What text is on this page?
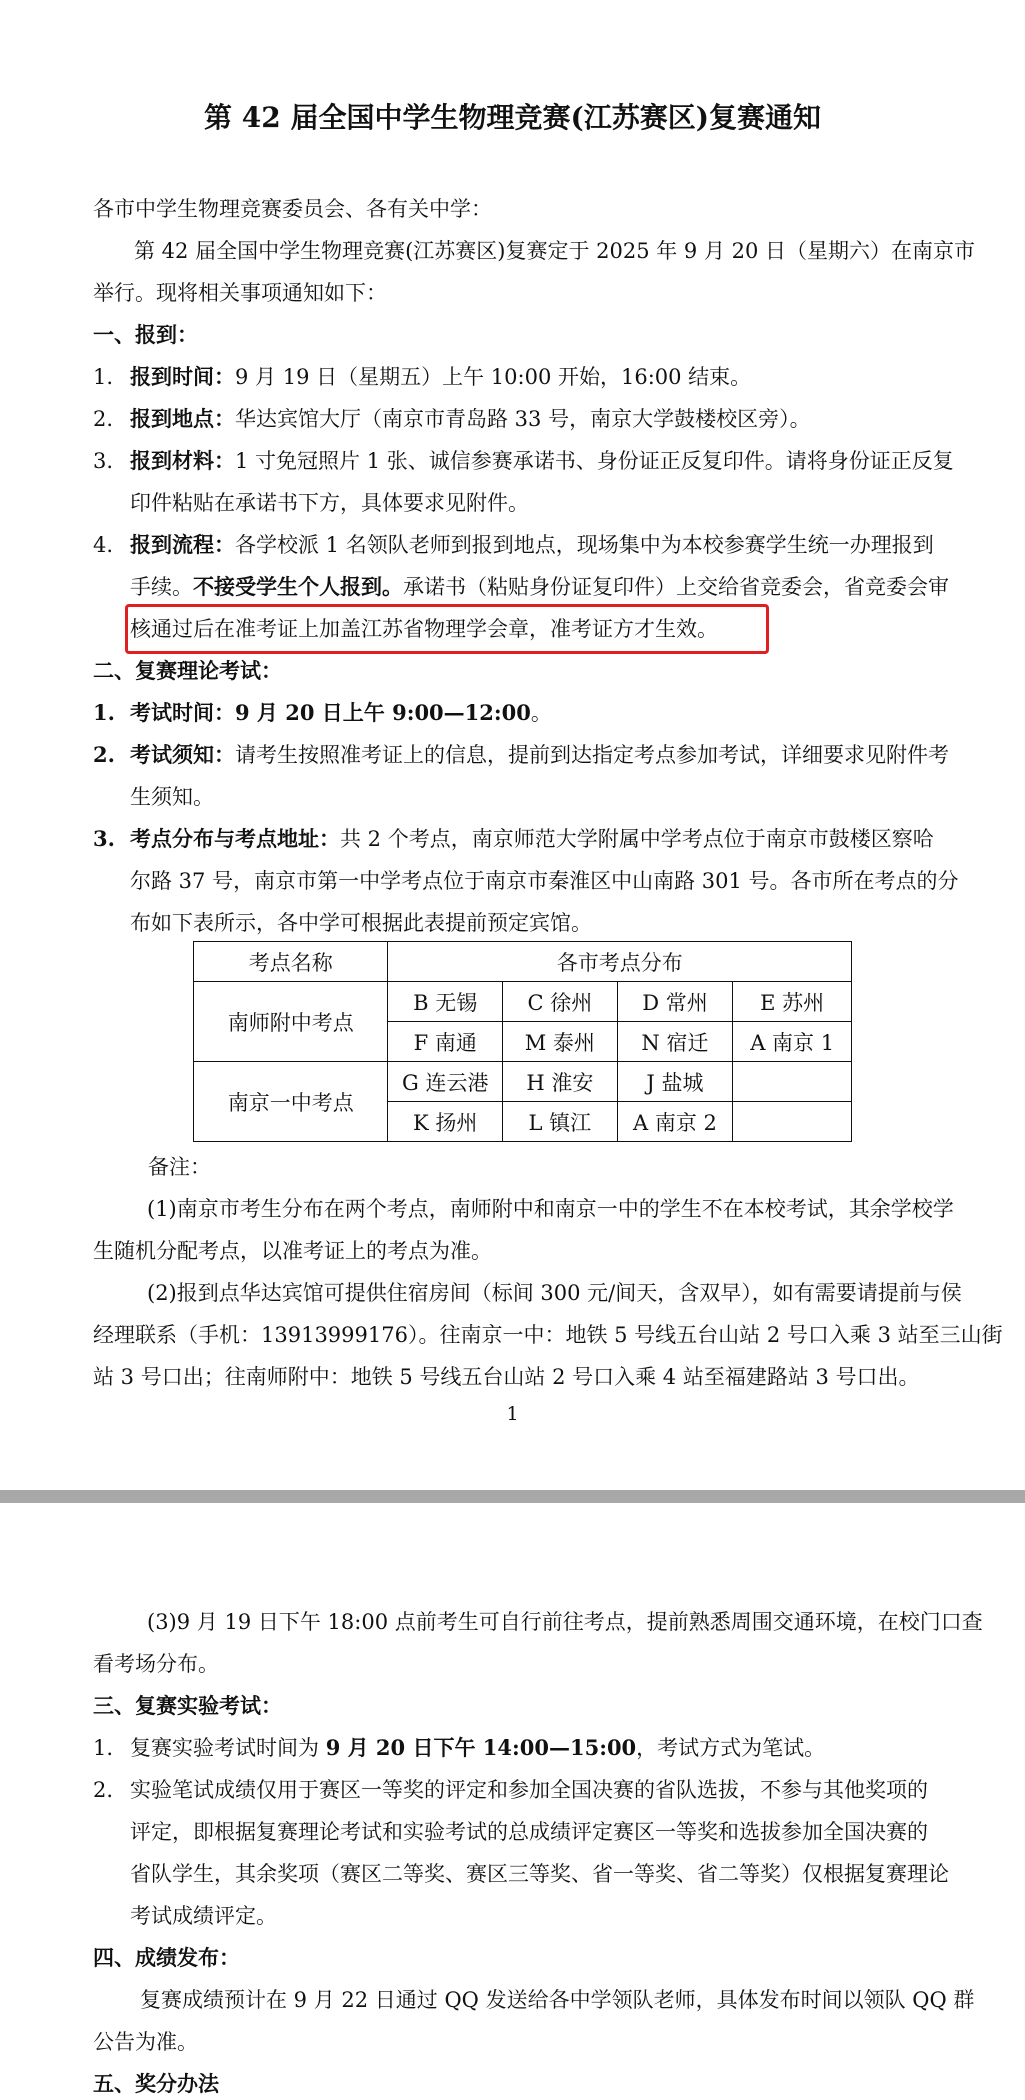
第 42 届全国中学生物理竞赛(江苏赛区)复赛通知
各市中学生物理竞赛委员会、各有关中学：
第 42 届全国中学生物理竞赛(江苏赛区)复赛定于 2025 年 9 月 20 日（星期六）在南京市
举行。现将相关事项通知如下：
一、报到：
1. 报到时间：9 月 19 日（星期五）上午 10:00 开始，16:00 结束。
2. 报到地点：华达宾馆大厅（南京市青岛路 33 号，南京大学鼓楼校区旁）。
3. 报到材料：1 寸免冠照片 1 张、诚信参赛承诺书、身份证正反复印件。请将身份证正反复
印件粘贴在承诺书下方，具体要求见附件。
4. 报到流程：各学校派 1 名领队老师到报到地点，现场集中为本校参赛学生统一办理报到
手续。不接受学生个人报到。承诺书（粘贴身份证复印件）上交给省竞委会，省竞委会审
核通过后在准考证上加盖江苏省物理学会章，准考证方才生效。
二、复赛理论考试：
1. 考试时间：9 月 20 日上午 9:00—12:00。
2. 考试须知：请考生按照准考证上的信息，提前到达指定考点参加考试，详细要求见附件考
生须知。
3. 考点分布与考点地址：共 2 个考点，南京师范大学附属中学考点位于南京市鼓楼区察哈
尔路 37 号，南京市第一中学考点位于南京市秦淮区中山南路 301 号。各市所在考点的分
布如下表所示，各中学可根据此表提前预定宾馆。
考点名称	各市考点分布			
南师附中考点	B 无锡	C 徐州	D 常州	E 苏州
	F 南通	M 泰州	N 宿迁	A 南京 1
南京一中考点	G 连云港	H 淮安	J 盐城	
	K 扬州	L 镇江	A 南京 2	
备注：
(1)南京市考生分布在两个考点，南师附中和南京一中的学生不在本校考试，其余学校学
生随机分配考点，以准考证上的考点为准。
(2)报到点华达宾馆可提供住宿房间（标间 300 元/间天，含双早），如有需要请提前与侯
经理联系（手机：13913999176）。往南京一中：地铁 5 号线五台山站 2 号口入乘 3 站至三山街
站 3 号口出；往南师附中：地铁 5 号线五台山站 2 号口入乘 4 站至福建路站 3 号口出。
1
(3)9 月 19 日下午 18:00 点前考生可自行前往考点，提前熟悉周围交通环境，在校门口查
看考场分布。
三、复赛实验考试：
1. 复赛实验考试时间为 9 月 20 日下午 14:00—15:00，考试方式为笔试。
2. 实验笔试成绩仅用于赛区一等奖的评定和参加全国决赛的省队选拔，不参与其他奖项的
评定，即根据复赛理论考试和实验考试的总成绩评定赛区一等奖和选拔参加全国决赛的
省队学生，其余奖项（赛区二等奖、赛区三等奖、省一等奖、省二等奖）仅根据复赛理论
考试成绩评定。
四、成绩发布：
复赛成绩预计在 9 月 22 日通过 QQ 发送给各中学领队老师，具体发布时间以领队 QQ 群
公告为准。
五、奖分办法
